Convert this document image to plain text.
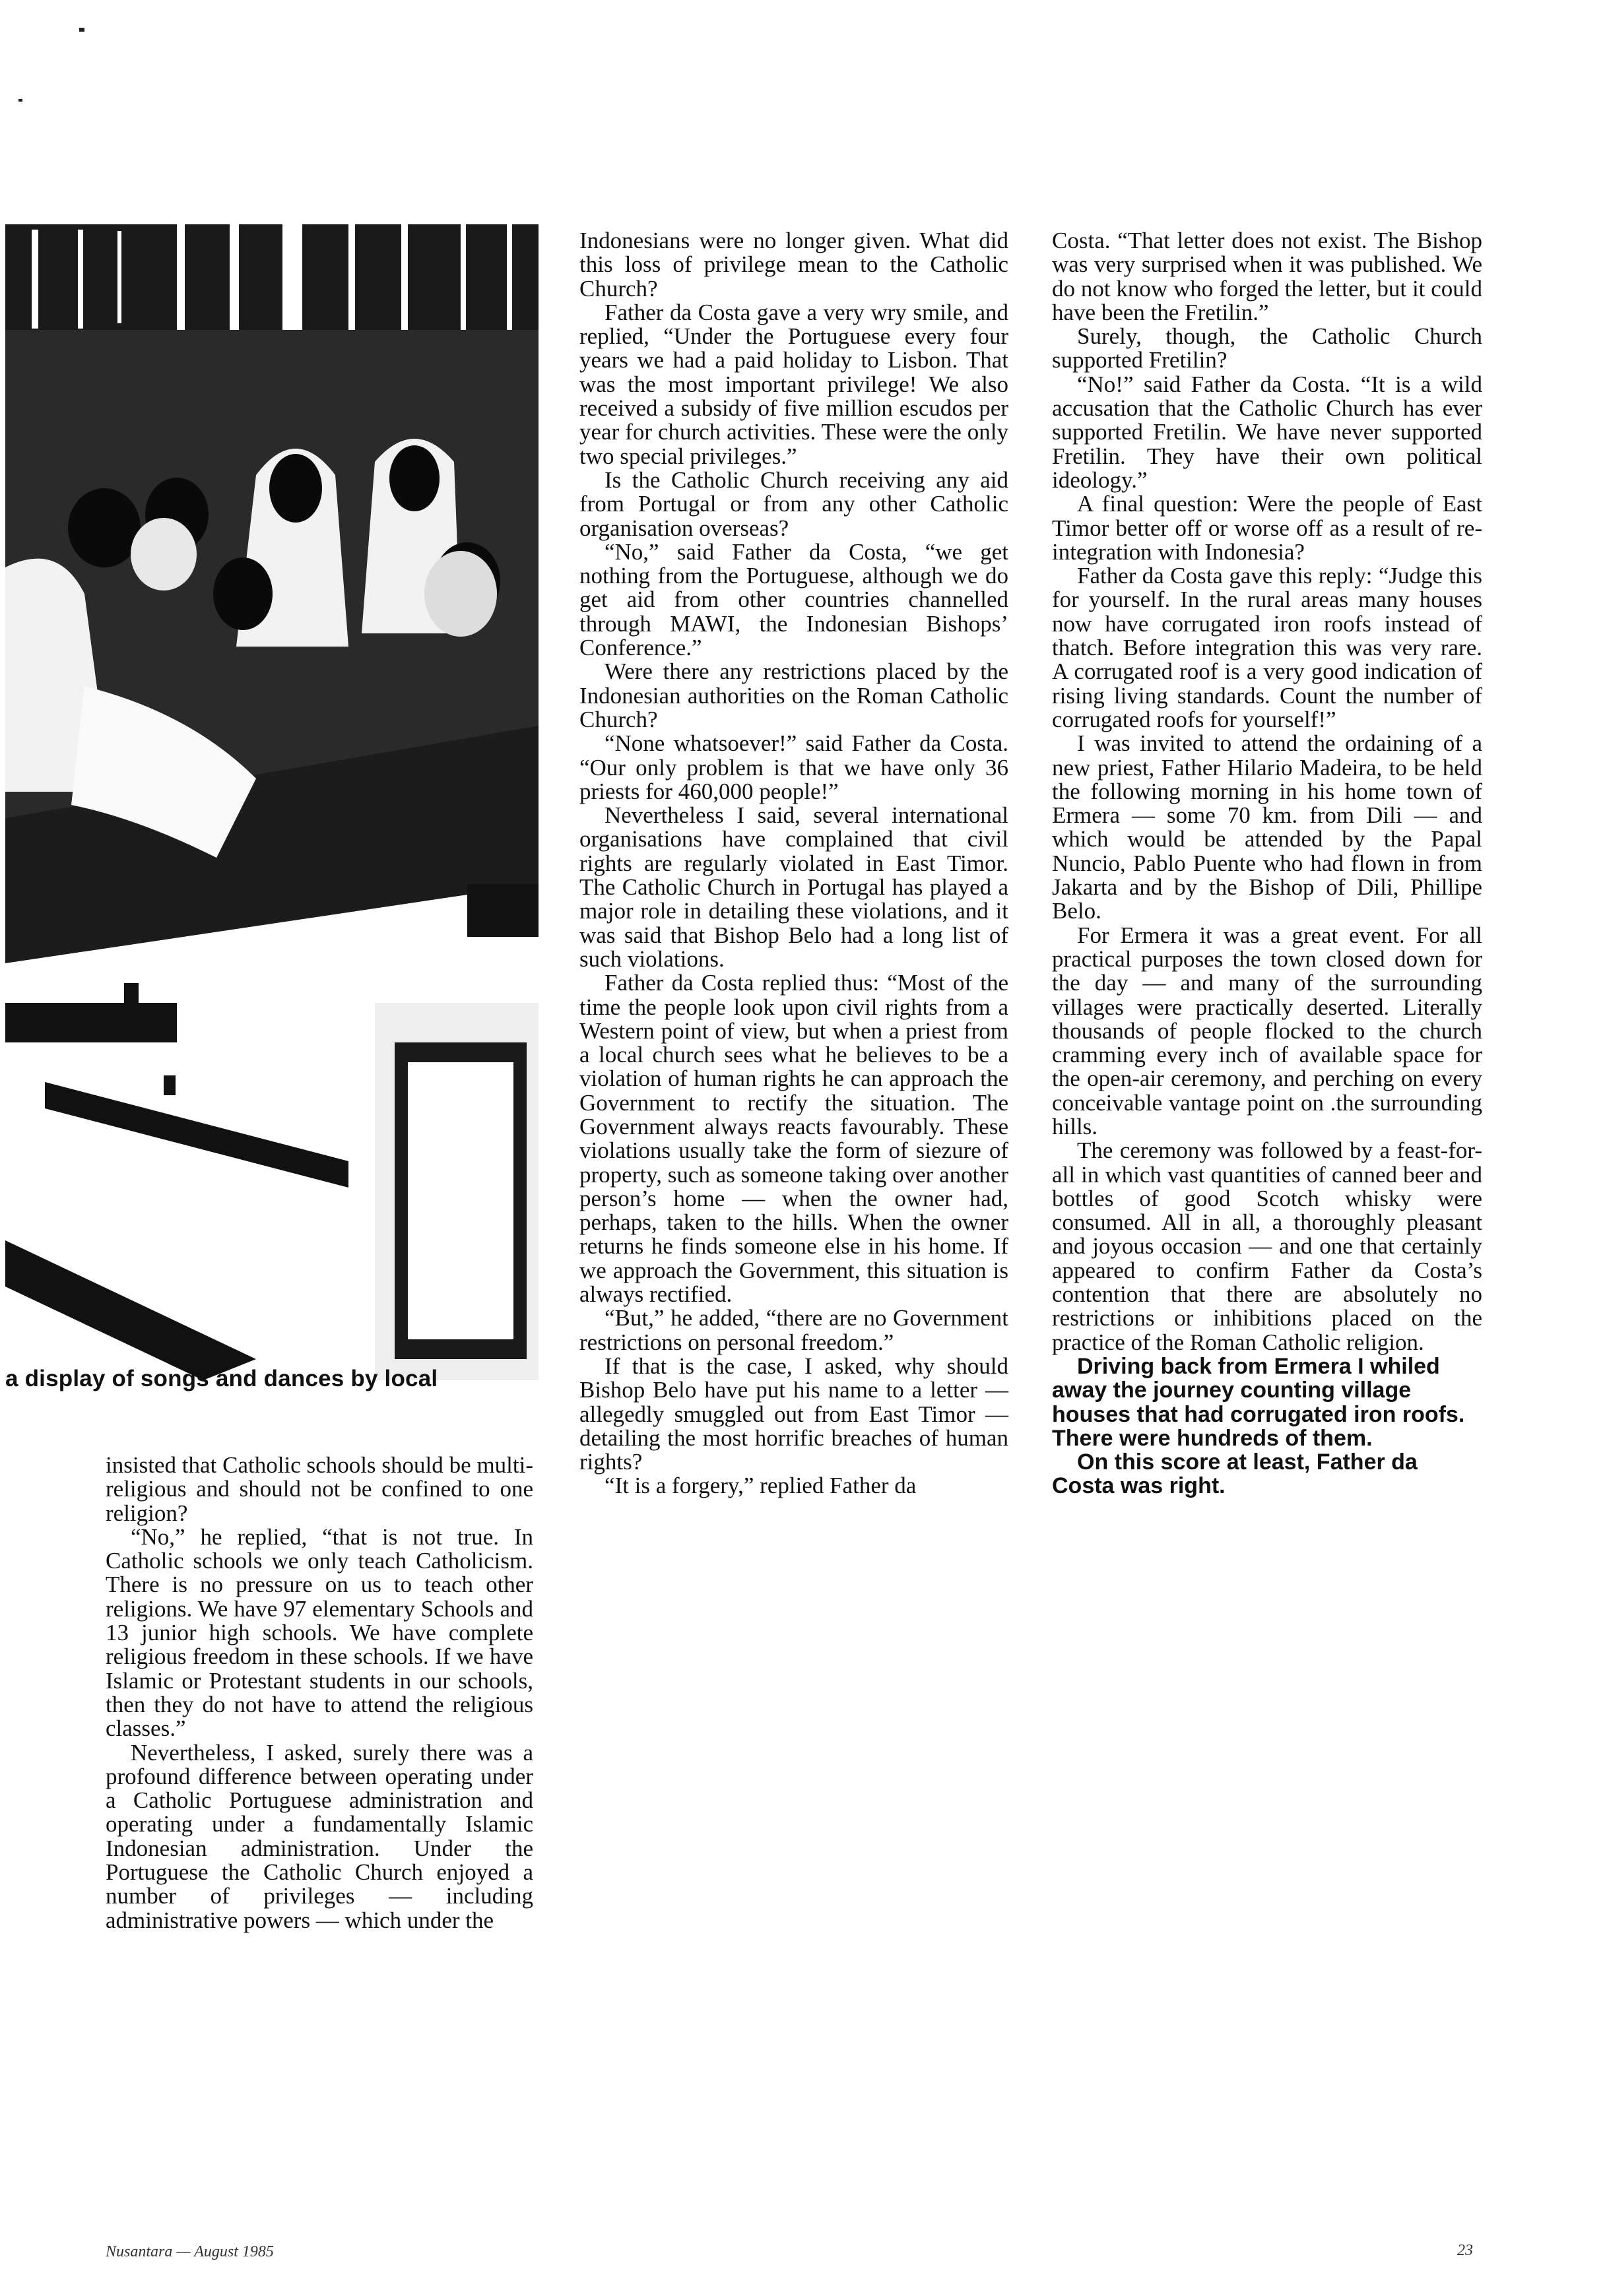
a display of songs and dances by local

insisted that Catholic schools should be multi-religious and should not be confined to one religion?

“No,” he replied, “that is not true. In Catholic schools we only teach Catholicism. There is no pressure on us to teach other religions. We have 97 elementary Schools and 13 junior high schools. We have complete religious freedom in these schools. If we have Islamic or Protestant students in our schools, then they do not have to attend the religious classes.”

Nevertheless, I asked, surely there was a profound difference between operating under a Catholic Portuguese administration and operating under a fundamentally Islamic Indonesian administration. Under the Portuguese the Catholic Church enjoyed a number of privileges — including administrative powers — which under the

Indonesians were no longer given. What did this loss of privilege mean to the Catholic Church?

Father da Costa gave a very wry smile, and replied, “Under the Portuguese every four years we had a paid holiday to Lisbon. That was the most important privilege! We also received a subsidy of five million escudos per year for church activities. These were the only two special privileges.”

Is the Catholic Church receiving any aid from Portugal or from any other Catholic organisation overseas?

“No,” said Father da Costa, “we get nothing from the Portuguese, although we do get aid from other countries channelled through MAWI, the Indonesian Bishops’ Conference.”

Were there any restrictions placed by the Indonesian authorities on the Roman Catholic Church?

“None whatsoever!” said Father da Costa. “Our only problem is that we have only 36 priests for 460,000 people!”

Nevertheless I said, several international organisations have complained that civil rights are regularly violated in East Timor. The Catholic Church in Portugal has played a major role in detailing these violations, and it was said that Bishop Belo had a long list of such violations.

Father da Costa replied thus: “Most of the time the people look upon civil rights from a Western point of view, but when a priest from a local church sees what he believes to be a violation of human rights he can approach the Government to rectify the situation. The Government always reacts favourably. These violations usually take the form of siezure of property, such as someone taking over another person’s home — when the owner had, perhaps, taken to the hills. When the owner returns he finds someone else in his home. If we approach the Government, this situation is always rectified.

“But,” he added, “there are no Government restrictions on personal freedom.”

If that is the case, I asked, why should Bishop Belo have put his name to a letter — allegedly smuggled out from East Timor — detailing the most horrific breaches of human rights?

“It is a forgery,” replied Father da

Costa. “That letter does not exist. The Bishop was very surprised when it was published. We do not know who forged the letter, but it could have been the Fretilin.”

Surely, though, the Catholic Church supported Fretilin?

“No!” said Father da Costa. “It is a wild accusation that the Catholic Church has ever supported Fretilin. We have never supported Fretilin. They have their own political ideology.”

A final question: Were the people of East Timor better off or worse off as a result of re-integration with Indonesia?

Father da Costa gave this reply: “Judge this for yourself. In the rural areas many houses now have corrugated iron roofs instead of thatch. Before integration this was very rare. A corrugated roof is a very good indication of rising living standards. Count the number of corrugated roofs for yourself!”

I was invited to attend the ordaining of a new priest, Father Hilario Madeira, to be held the following morning in his home town of Ermera — some 70 km. from Dili — and which would be attended by the Papal Nuncio, Pablo Puente who had flown in from Jakarta and by the Bishop of Dili, Phillipe Belo.

For Ermera it was a great event. For all practical purposes the town closed down for the day — and many of the surrounding villages were practically deserted. Literally thousands of people flocked to the church cramming every inch of available space for the open-air ceremony, and perching on every conceivable vantage point on .the surrounding hills.

The ceremony was followed by a feast-for-all in which vast quantities of canned beer and bottles of good Scotch whisky were consumed. All in all, a thoroughly pleasant and joyous occasion — and one that certainly appeared to confirm Father da Costa’s contention that there are absolutely no restrictions or inhibitions placed on the practice of the Roman Catholic religion.

Driving back from Ermera I whiled away the journey counting village houses that had corrugated iron roofs. There were hundreds of them.

On this score at least, Father da Costa was right.

Nusantara — August 1985	23
